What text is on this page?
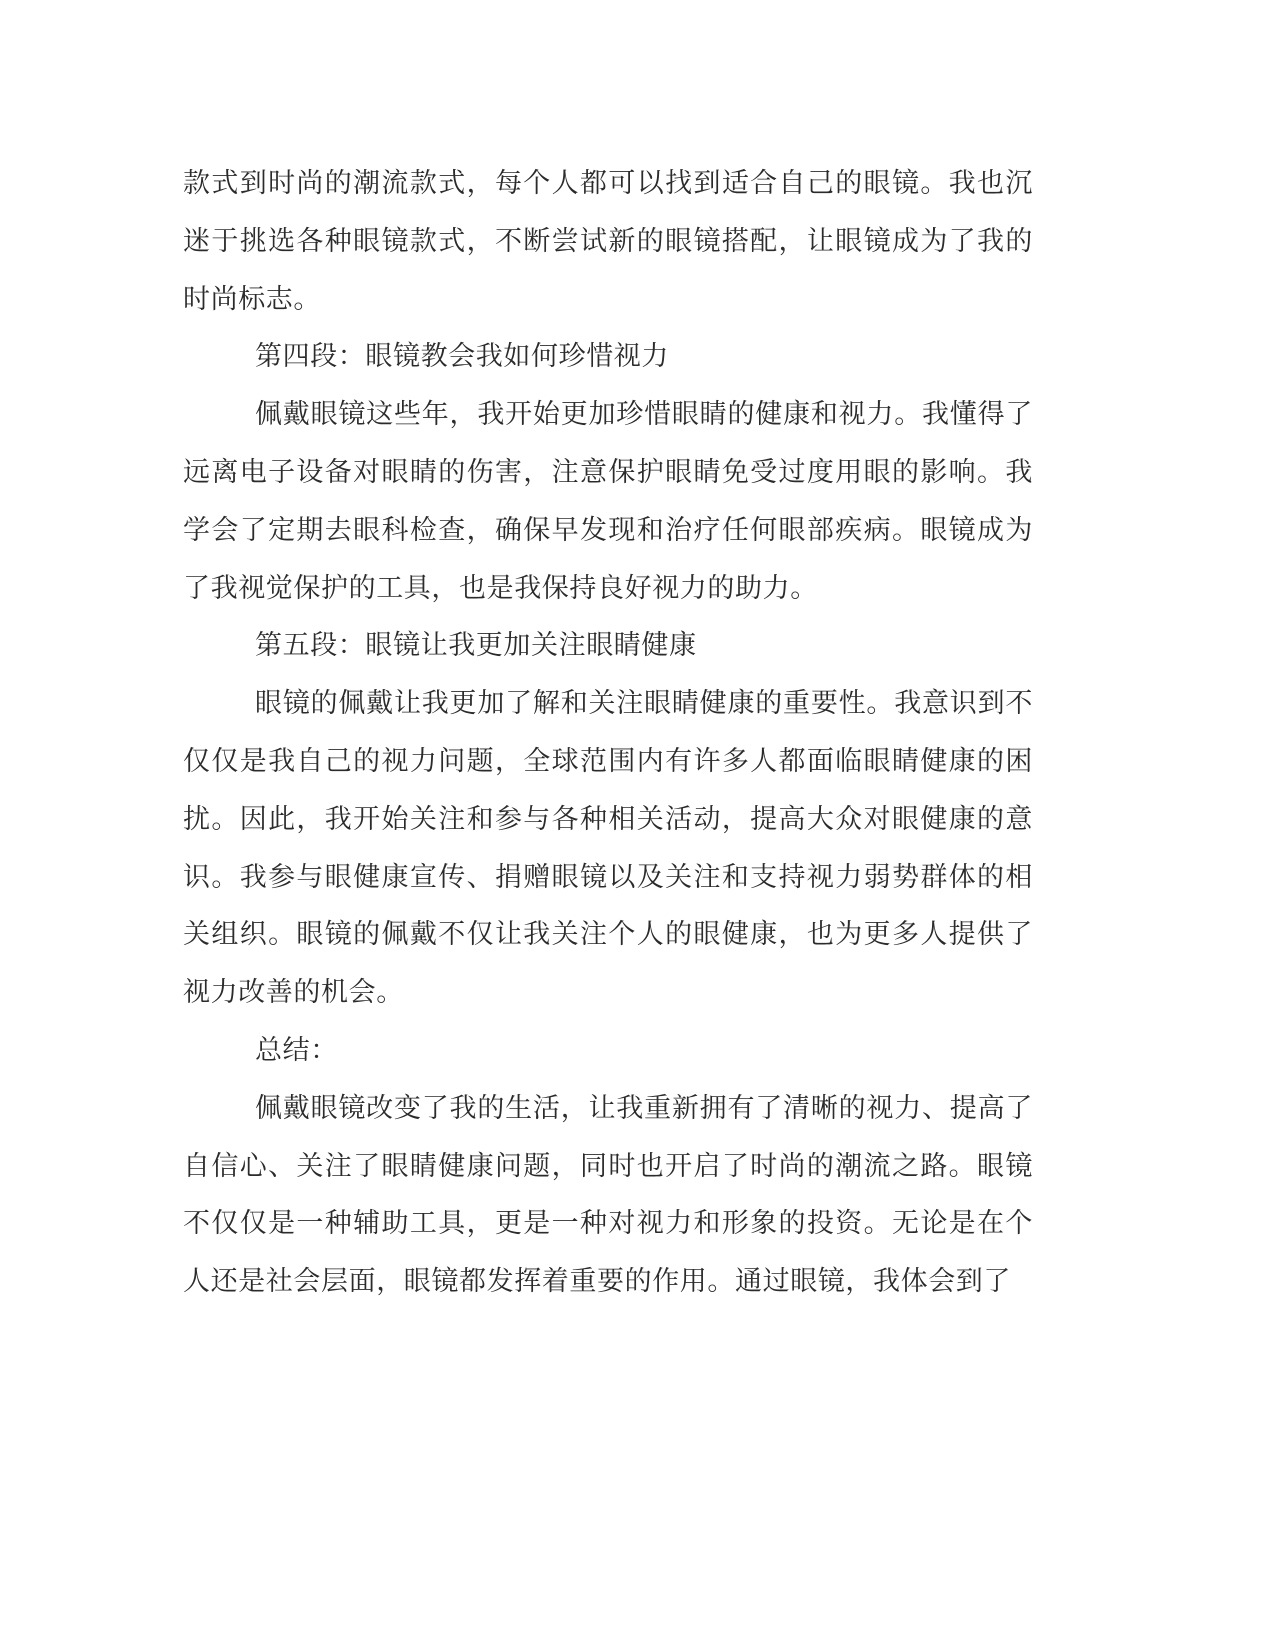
款式到时尚的潮流款式，每个人都可以找到适合自己的眼镜。我也沉迷于挑选各种眼镜款式，不断尝试新的眼镜搭配，让眼镜成为了我的时尚标志。

第四段：眼镜教会我如何珍惜视力

佩戴眼镜这些年，我开始更加珍惜眼睛的健康和视力。我懂得了远离电子设备对眼睛的伤害，注意保护眼睛免受过度用眼的影响。我学会了定期去眼科检查，确保早发现和治疗任何眼部疾病。眼镜成为了我视觉保护的工具，也是我保持良好视力的助力。

第五段：眼镜让我更加关注眼睛健康

眼镜的佩戴让我更加了解和关注眼睛健康的重要性。我意识到不仅仅是我自己的视力问题，全球范围内有许多人都面临眼睛健康的困扰。因此，我开始关注和参与各种相关活动，提高大众对眼健康的意识。我参与眼健康宣传、捐赠眼镜以及关注和支持视力弱势群体的相关组织。眼镜的佩戴不仅让我关注个人的眼健康，也为更多人提供了视力改善的机会。

总结：

佩戴眼镜改变了我的生活，让我重新拥有了清晰的视力、提高了自信心、关注了眼睛健康问题，同时也开启了时尚的潮流之路。眼镜不仅仅是一种辅助工具，更是一种对视力和形象的投资。无论是在个人还是社会层面，眼镜都发挥着重要的作用。通过眼镜，我体会到了
